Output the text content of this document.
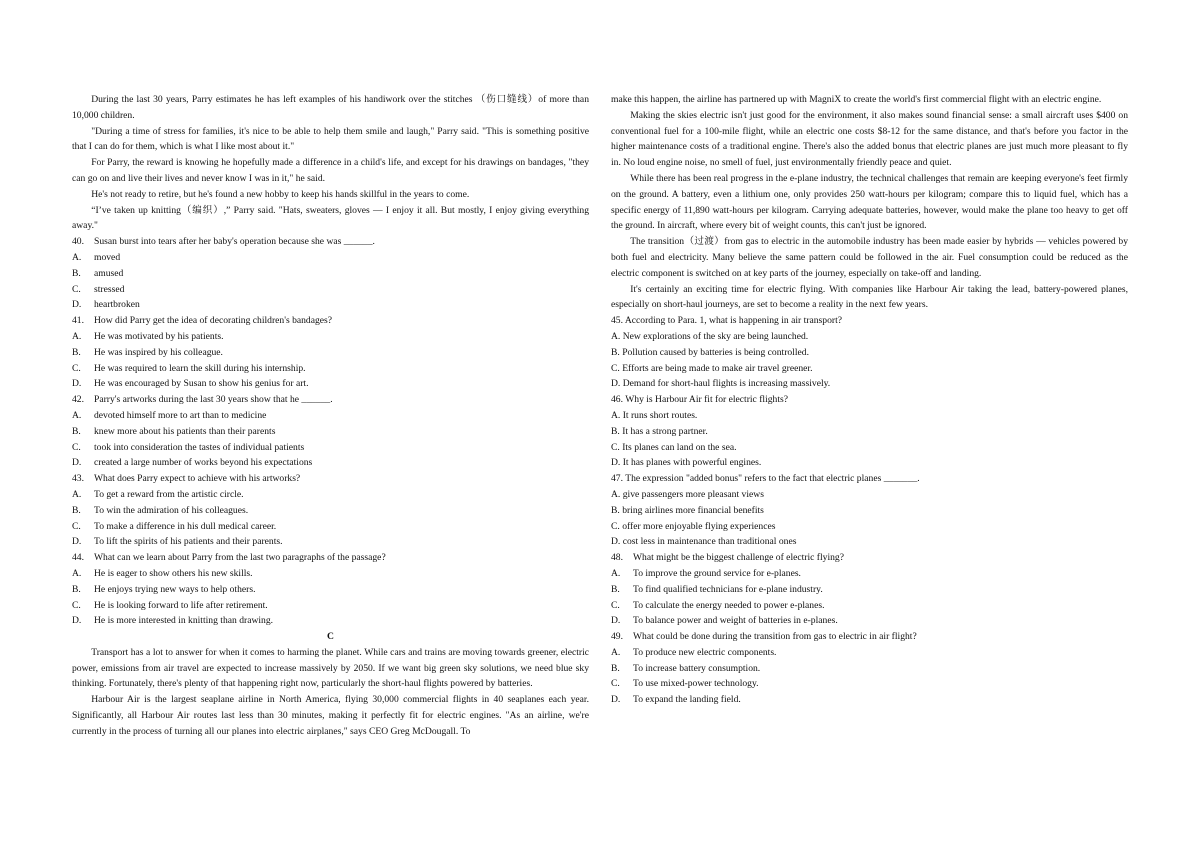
During the last 30 years, Parry estimates he has left examples of his handiwork over the stitches （伤口缝线）of more than 10,000 children.

"During a time of stress for families, it's nice to be able to help them smile and laugh," Parry said. "This is something positive that I can do for them, which is what I like most about it."

For Parry, the reward is knowing he hopefully made a difference in a child's life, and except for his drawings on bandages, "they can go on and live their lives and never know I was in it," he said.

He's not ready to retire, but he's found a new hobby to keep his hands skillful in the years to come.

“I’ve taken up knitting（编织）,” Parry said. "Hats, sweaters, gloves — I enjoy it all. But mostly, I enjoy giving everything away."

40.	Susan burst into tears after her baby's operation because she was ______.
A.	moved
B.	amused
C.	stressed
D.	heartbroken
41.	How did Parry get the idea of decorating children's bandages?
A.	He was motivated by his patients.
B.	He was inspired by his colleague.
C.	He was required to learn the skill during his internship.
D.	He was encouraged by Susan to show his genius for art.
42.	Parry's artworks during the last 30 years show that he ______.
A.	devoted himself more to art than to medicine
B.	knew more about his patients than their parents
C.	took into consideration the tastes of individual patients
D.	created a large number of works beyond his expectations
43.	What does Parry expect to achieve with his artworks?
A.	To get a reward from the artistic circle.
B.	To win the admiration of his colleagues.
C.	To make a difference in his dull medical career.
D.	To lift the spirits of his patients and their parents.
44.	What can we learn about Parry from the last two paragraphs of the passage?
A.	He is eager to show others his new skills.
B.	He enjoys trying new ways to help others.
C.	He is looking forward to life after retirement.
D.	He is more interested in knitting than drawing.

C

Transport has a lot to answer for when it comes to harming the planet. While cars and trains are moving towards greener, electric power, emissions from air travel are expected to increase massively by 2050. If we want big green sky solutions, we need blue sky thinking. Fortunately, there's plenty of that happening right now, particularly the short-haul flights powered by batteries.

Harbour Air is the largest seaplane airline in North America, flying 30,000 commercial flights in 40 seaplanes each year. Significantly, all Harbour Air routes last less than 30 minutes, making it perfectly fit for electric engines. "As an airline, we're currently in the process of turning all our planes into electric airplanes," says CEO Greg McDougall. To

make this happen, the airline has partnered up with MagniX to create the world's first commercial flight with an electric engine.

Making the skies electric isn't just good for the environment, it also makes sound financial sense: a small aircraft uses $400 on conventional fuel for a 100-mile flight, while an electric one costs $8-12 for the same distance, and that's before you factor in the higher maintenance costs of a traditional engine. There's also the added bonus that electric planes are just much more pleasant to fly in. No loud engine noise, no smell of fuel, just environmentally friendly peace and quiet.

While there has been real progress in the e-plane industry, the technical challenges that remain are keeping everyone's feet firmly on the ground. A battery, even a lithium one, only provides 250 watt-hours per kilogram; compare this to liquid fuel, which has a specific energy of 11,890 watt-hours per kilogram. Carrying adequate batteries, however, would make the plane too heavy to get off the ground. In aircraft, where every bit of weight counts, this can't just be ignored.

The transition（过渡）from gas to electric in the automobile industry has been made easier by hybrids — vehicles powered by both fuel and electricity. Many believe the same pattern could be followed in the air. Fuel consumption could be reduced as the electric component is switched on at key parts of the journey, especially on take-off and landing.

It's certainly an exciting time for electric flying. With companies like Harbour Air taking the lead, battery-powered planes, especially on short-haul journeys, are set to become a reality in the next few years.

45. According to Para. 1, what is happening in air transport?
A. New explorations of the sky are being launched.
B. Pollution caused by batteries is being controlled.
C. Efforts are being made to make air travel greener.
D. Demand for short-haul flights is increasing massively.
46. Why is Harbour Air fit for electric flights?
A. It runs short routes.
B. It has a strong partner.
C. Its planes can land on the sea.
D. It has planes with powerful engines.
47. The expression "added bonus" refers to the fact that electric planes _______.
A. give passengers more pleasant views
B. bring airlines more financial benefits
C. offer more enjoyable flying experiences
D. cost less in maintenance than traditional ones
48.	What might be the biggest challenge of electric flying?
A.	To improve the ground service for e-planes.
B.	To find qualified technicians for e-plane industry.
C.	To calculate the energy needed to power e-planes.
D.	To balance power and weight of batteries in e-planes.
49.	What could be done during the transition from gas to electric in air flight?
A.	To produce new electric components.
B.	To increase battery consumption.
C.	To use mixed-power technology.
D.	To expand the landing field.
